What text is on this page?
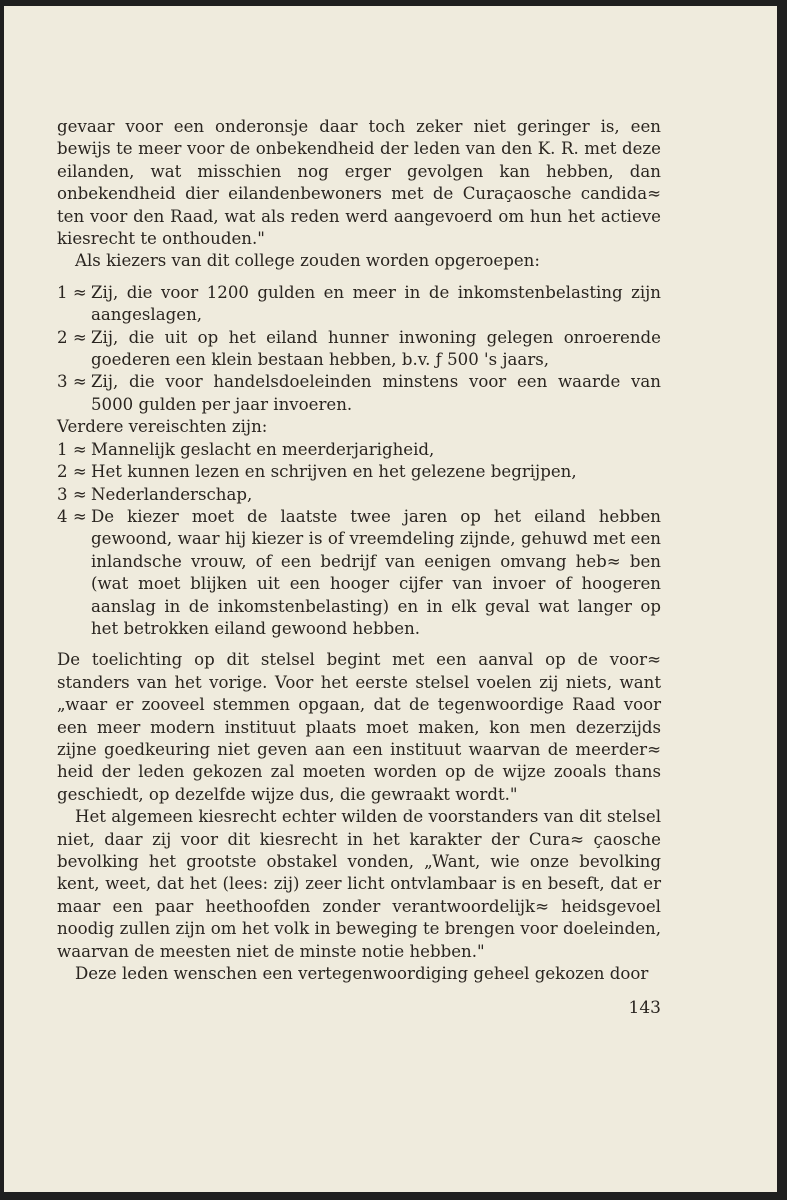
gevaar voor een onderonsje daar toch zeker niet geringer is, een bewijs te meer voor de onbekendheid der leden van den K. R. met deze eilanden, wat misschien nog erger gevolgen kan hebben, dan onbekendheid dier eilandenbewoners met de Curaçaosche candida≈ ten voor den Raad, wat als reden werd aangevoerd om hun het actieve kiesrecht te onthouden."
Als kiezers van dit college zouden worden opgeroepen:
1 ≈ Zij, die voor 1200 gulden en meer in de inkomstenbelasting zijn aangeslagen,
2 ≈ Zij, die uit op het eiland hunner inwoning gelegen onroerende goederen een klein bestaan hebben, b.v. ƒ 500 's jaars,
3 ≈ Zij, die voor handelsdoeleinden minstens voor een waarde van 5000 gulden per jaar invoeren.
Verdere vereischten zijn:
1 ≈ Mannelijk geslacht en meerderjarigheid,
2 ≈ Het kunnen lezen en schrijven en het gelezene begrijpen,
3 ≈ Nederlanderschap,
4 ≈ De kiezer moet de laatste twee jaren op het eiland hebben gewoond, waar hij kiezer is of vreemdeling zijnde, gehuwd met een inlandsche vrouw, of een bedrijf van eenigen omvang heb≈ ben (wat moet blijken uit een hooger cijfer van invoer of hoogeren aanslag in de inkomstenbelasting) en in elk geval wat langer op het betrokken eiland gewoond hebben.
De toelichting op dit stelsel begint met een aanval op de voor≈ standers van het vorige. Voor het eerste stelsel voelen zij niets, want „waar er zooveel stemmen opgaan, dat de tegenwoordige Raad voor een meer modern instituut plaats moet maken, kon men dezerzijds zijne goedkeuring niet geven aan een instituut waarvan de meerder≈ heid der leden gekozen zal moeten worden op de wijze zooals thans geschiedt, op dezelfde wijze dus, die gewraakt wordt."
Het algemeen kiesrecht echter wilden de voorstanders van dit stelsel niet, daar zij voor dit kiesrecht in het karakter der Cura≈ çaosche bevolking het grootste obstakel vonden, „Want, wie onze bevolking kent, weet, dat het (lees: zij) zeer licht ontvlambaar is en beseft, dat er maar een paar heethoofden zonder verantwoordelijk≈ heidsgevoel noodig zullen zijn om het volk in beweging te brengen voor doeleinden, waarvan de meesten niet de minste notie hebben."
Deze leden wenschen een vertegenwoordiging geheel gekozen door
143
